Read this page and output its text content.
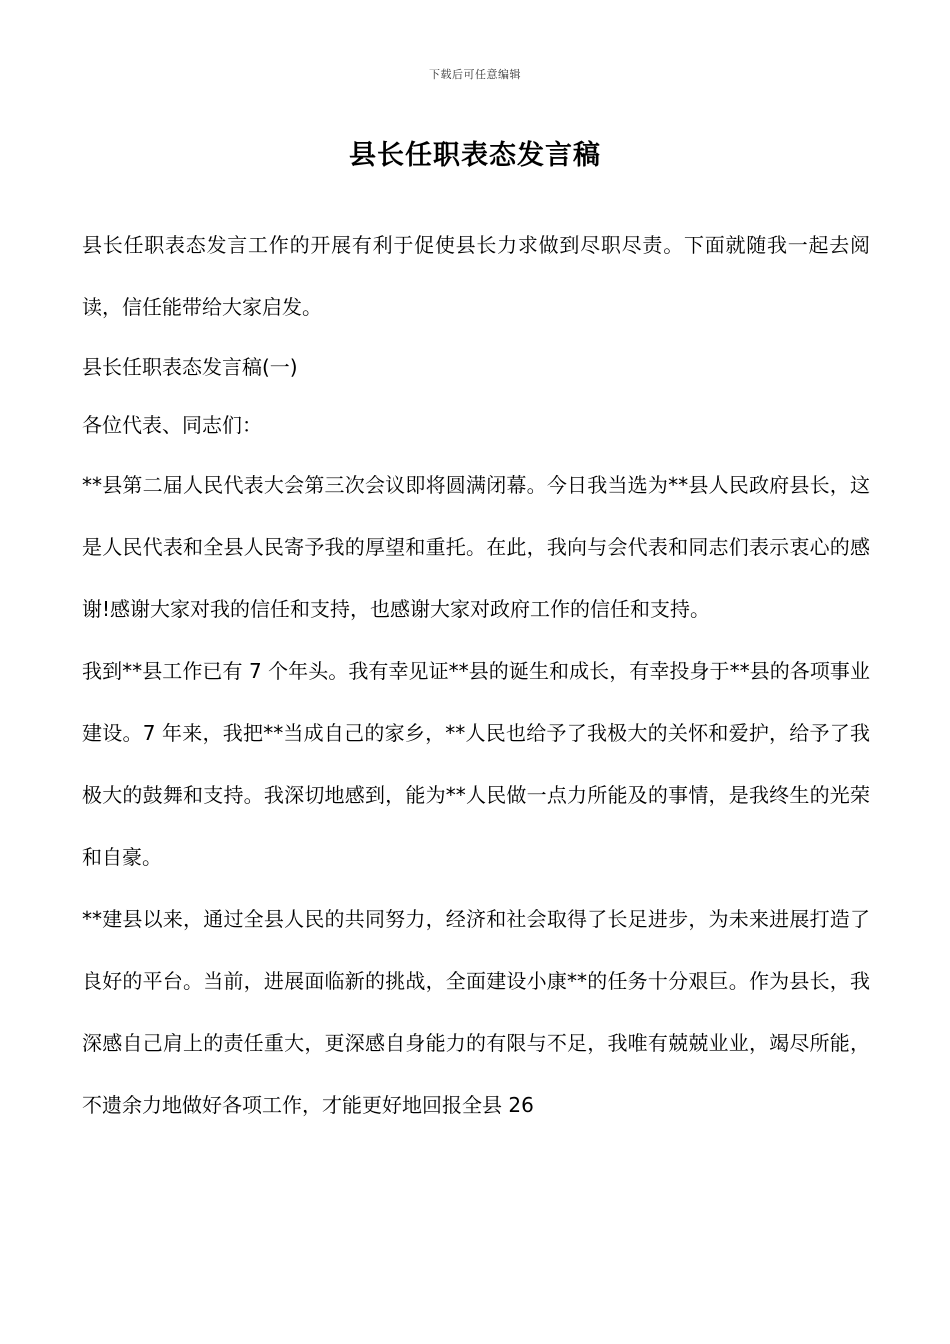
下载后可任意编辑
县长任职表态发言稿

县长任职表态发言工作的开展有利于促使县长力求做到尽职尽责。下面就随我一起去阅读，信任能带给大家启发。

县长任职表态发言稿(一)

各位代表、同志们：

**县第二届人民代表大会第三次会议即将圆满闭幕。今日我当选为**县人民政府县长，这是人民代表和全县人民寄予我的厚望和重托。在此，我向与会代表和同志们表示衷心的感谢!感谢大家对我的信任和支持，也感谢大家对政府工作的信任和支持。

我到**县工作已有 7 个年头。我有幸见证**县的诞生和成长，有幸投身于**县的各项事业建设。7 年来，我把**当成自己的家乡，**人民也给予了我极大的关怀和爱护，给予了我极大的鼓舞和支持。我深切地感到，能为**人民做一点力所能及的事情，是我终生的光荣和自豪。

**建县以来，通过全县人民的共同努力，经济和社会取得了长足进步，为未来进展打造了良好的平台。当前，进展面临新的挑战，全面建设小康**的任务十分艰巨。作为县长，我深感自己肩上的责任重大，更深感自身能力的有限与不足，我唯有兢兢业业，竭尽所能，不遗余力地做好各项工作，才能更好地回报全县 26
